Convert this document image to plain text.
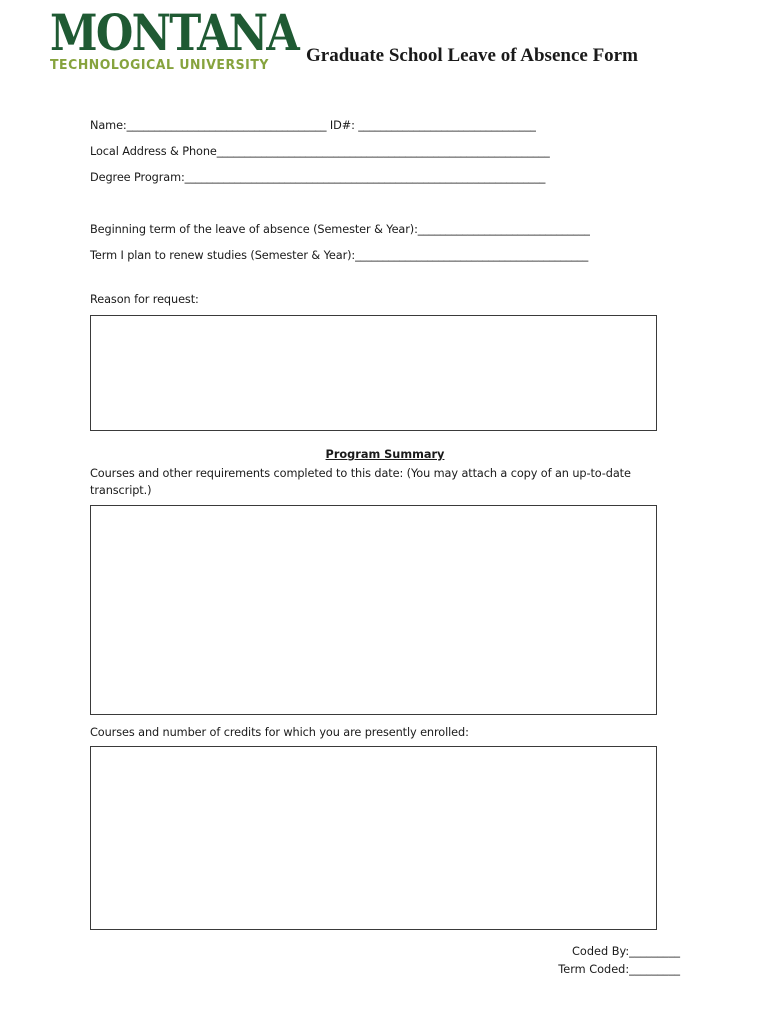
MONTANA
TECHNOLOGICAL UNIVERSITY Graduate School Leave of Absence Form
Name:____________________________________ ID#: ________________________________
Local Address & Phone____________________________________________________________
Degree Program:_________________________________________________________________
Beginning term of the leave of absence (Semester & Year):_______________________________
Term I plan to renew studies (Semester & Year):__________________________________________
Reason for request:
Program Summary
Courses and other requirements completed to this date: (You may attach a copy of an up-to-date transcript.)
Courses and number of credits for which you are presently enrolled:
Coded By:_________
Term Coded:_________
